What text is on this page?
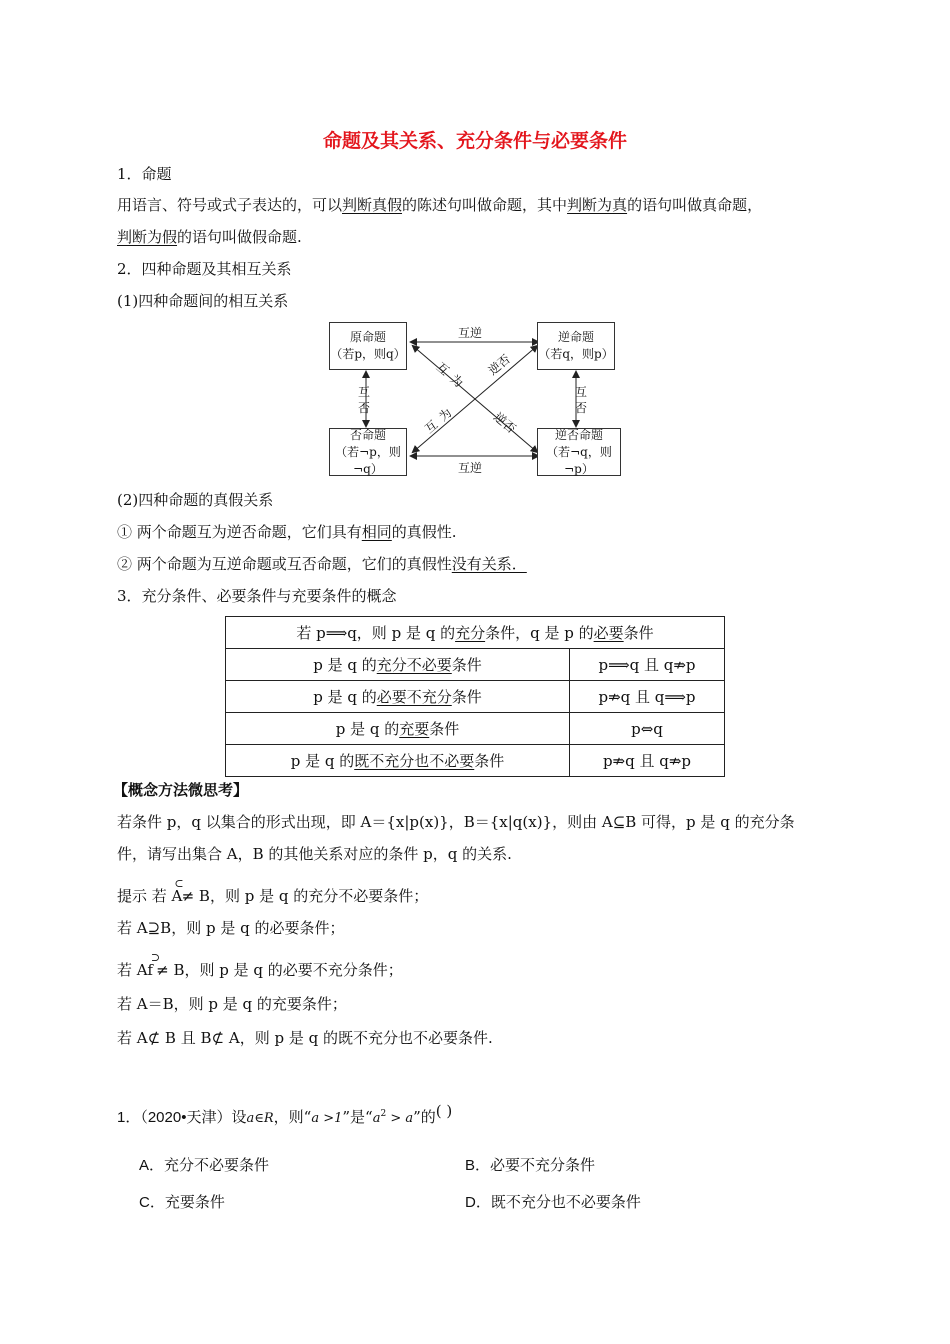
命题及其关系、充分条件与必要条件
1．命题
用语言、符号或式子表达的，可以判断真假的陈述句叫做命题，其中判断为真的语句叫做真命题，
判断为假的语句叫做假命题.
2．四种命题及其相互关系
(1)四种命题间的相互关系
原命题
（若p，则q）
逆命题
（若q，则p）
否命题
（若¬p，则¬q）
逆否命题
（若¬q，则¬p）
互逆
互逆
互
否
互
否
互
为
逆否
互
为	逆否
(2)四种命题的真假关系
① 两个命题互为逆否命题，它们具有相同的真假性.
② 两个命题为互逆命题或互否命题，它们的真假性没有关系．
3．充分条件、必要条件与充要条件的概念
若 p⟹q，则 p 是 q 的充分条件，q 是 p 的必要条件	
p 是 q 的充分不必要条件	p⟹q 且 q⇏p
p 是 q 的必要不充分条件	p⇏q 且 q⟹p
p 是 q 的充要条件	p⇔q
p 是 q 的既不充分也不必要条件	p⇏q 且 q⇏p
【概念方法微思考】
若条件 p，q 以集合的形式出现，即 A＝{x|p(x)}，B＝{x|q(x)}，则由 A⊆B 可得，p 是 q 的充分条
件，请写出集合 A，B 的其他关系对应的条件 p，q 的关系.
提示 若 A⊂≠ B，则 p 是 q 的充分不必要条件；
若 A⊇B，则 p 是 q 的必要条件；
若 Af⊃≠ B，则 p 是 q 的必要不充分条件；
若 A＝B，则 p 是 q 的充要条件；
若 A⊄ B 且 B⊄ A，则 p 是 q 的既不充分也不必要条件.
1．（2020•天津）设a∈R，则“a >1”是“$a^2 > a$”的( )
A．充分不必要条件	B．必要不充分条件
C．充要条件	D．既不充分也不必要条件
